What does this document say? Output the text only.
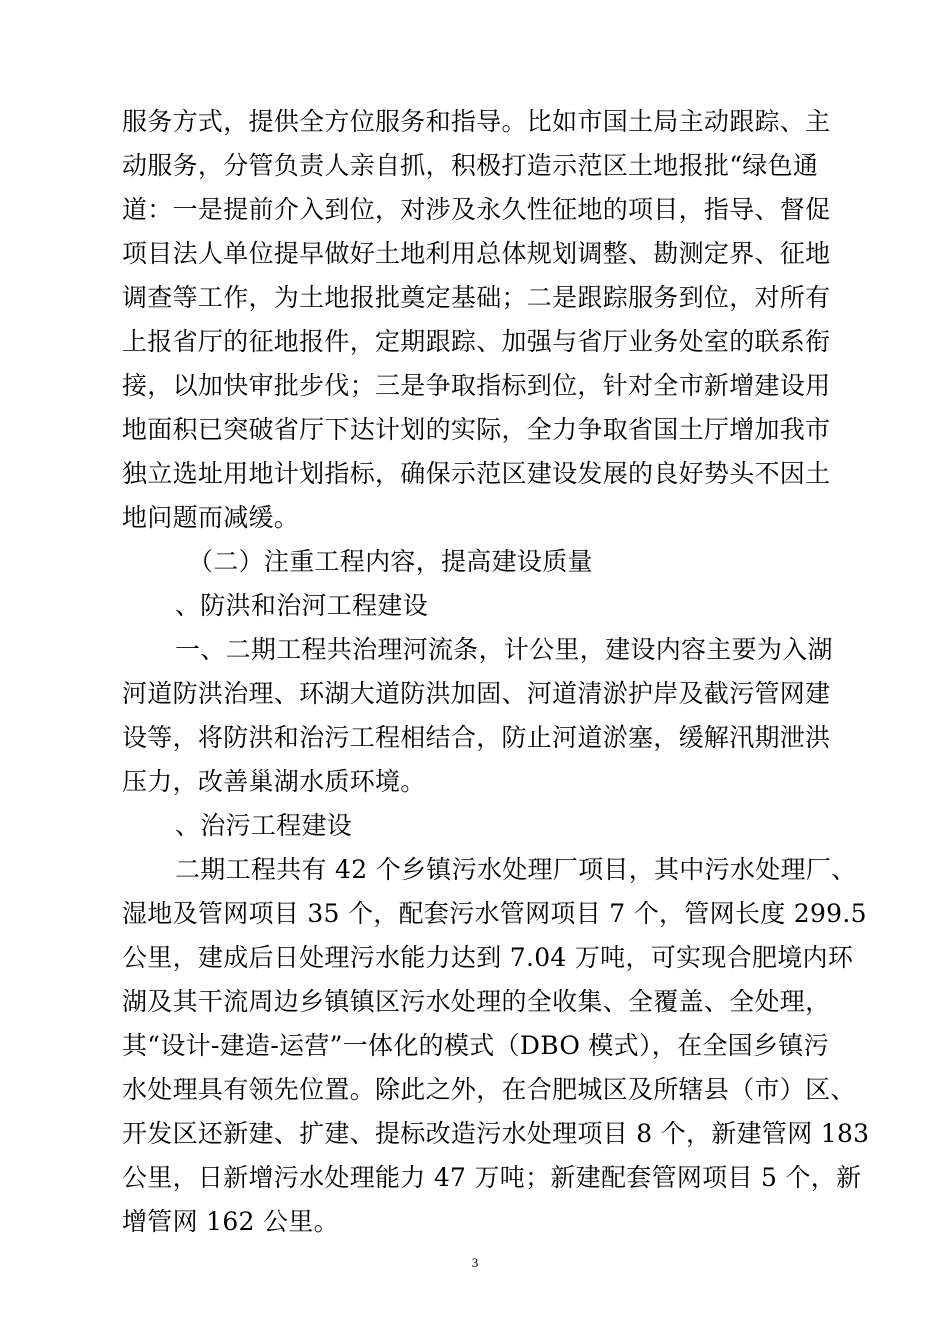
服务方式，提供全方位服务和指导。比如市国土局主动跟踪、主
动服务，分管负责人亲自抓，积极打造示范区土地报批“绿色通
道：一是提前介入到位，对涉及永久性征地的项目，指导、督促
项目法人单位提早做好土地利用总体规划调整、勘测定界、征地
调查等工作，为土地报批奠定基础；二是跟踪服务到位，对所有
上报省厅的征地报件，定期跟踪、加强与省厅业务处室的联系衔
接，以加快审批步伐；三是争取指标到位，针对全市新增建设用
地面积已突破省厅下达计划的实际，全力争取省国土厅增加我市
独立选址用地计划指标，确保示范区建设发展的良好势头不因土
地问题而减缓。
（二）注重工程内容，提高建设质量
、防洪和治河工程建设
一、二期工程共治理河流条，计公里，建设内容主要为入湖
河道防洪治理、环湖大道防洪加固、河道清淤护岸及截污管网建
设等，将防洪和治污工程相结合，防止河道淤塞，缓解汛期泄洪
压力，改善巢湖水质环境。
、治污工程建设
二期工程共有 42 个乡镇污水处理厂项目，其中污水处理厂、
湿地及管网项目 35 个，配套污水管网项目 7 个，管网长度 299.5
公里，建成后日处理污水能力达到 7.04 万吨，可实现合肥境内环
湖及其干流周边乡镇镇区污水处理的全收集、全覆盖、全处理，
其“设计-建造-运营”一体化的模式（DBO 模式），在全国乡镇污
水处理具有领先位置。除此之外，在合肥城区及所辖县（市）区、
开发区还新建、扩建、提标改造污水处理项目 8 个，新建管网 183
公里，日新增污水处理能力 47 万吨；新建配套管网项目 5 个，新
增管网 162 公里。
3
